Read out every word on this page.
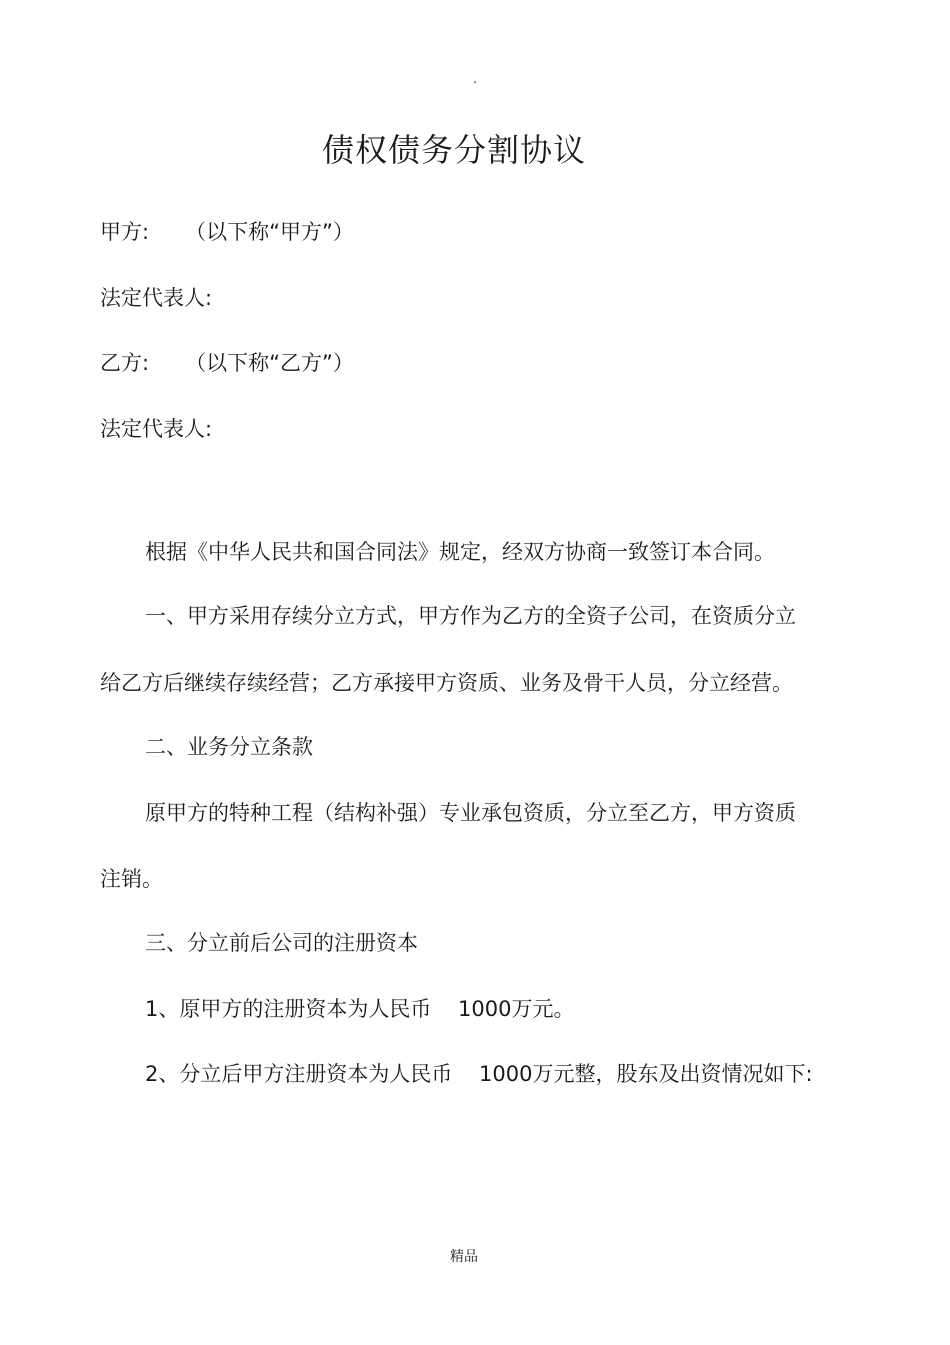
.
债权债务分割协议
甲方: （以下称“甲方”）
法定代表人:
乙方: （以下称“乙方”）
法定代表人:
根据《中华人民共和国合同法》规定，经双方协商一致签订本合同。
一、甲方采用存续分立方式，甲方作为乙方的全资子公司，在资质分立
给乙方后继续存续经营；乙方承接甲方资质、业务及骨干人员，分立经营。
二、业务分立条款
原甲方的特种工程（结构补强）专业承包资质，分立至乙方，甲方资质
注销。
三、分立前后公司的注册资本
1、原甲方的注册资本为人民币    1000万元。
2、分立后甲方注册资本为人民币    1000万元整，股东及出资情况如下:
精品
